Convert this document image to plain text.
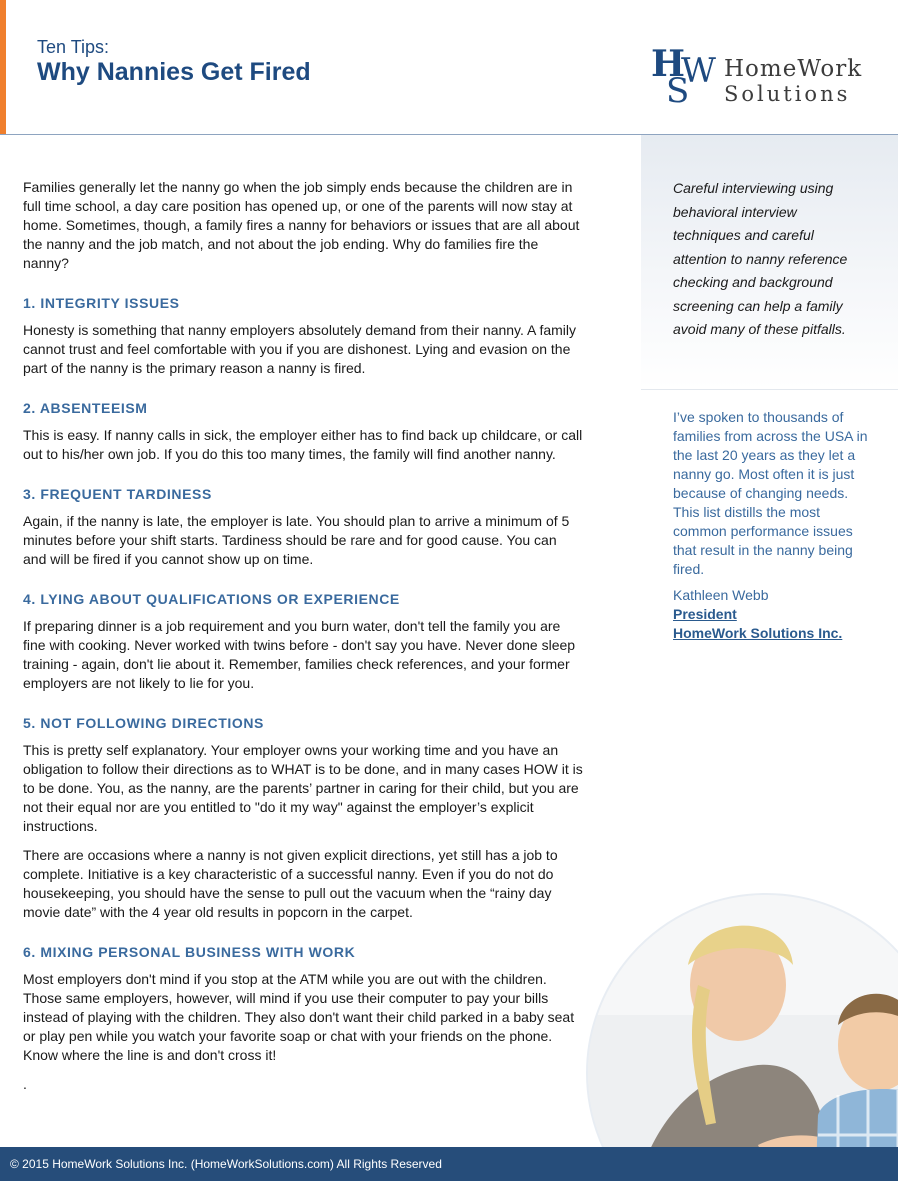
Ten Tips:
Why Nannies Get Fired	H
W
S
HomeWork
Solutions

Families generally let the nanny go when the job simply ends because the children are in full time school, a day care position has opened up, or one of the parents will now stay at home. Sometimes, though, a family fires a nanny for behaviors or issues that are all about the nanny and the job match, and not about the job ending. Why do families fire the nanny?

1. INTEGRITY ISSUES

Honesty is something that nanny employers absolutely demand from their nanny. A family cannot trust and feel comfortable with you if you are dishonest. Lying and evasion on the part of the nanny is the primary reason a nanny is fired.

2. ABSENTEEISM

This is easy. If nanny calls in sick, the employer either has to find back up childcare, or call out to his/her own job. If you do this too many times, the family will find another nanny.

3. FREQUENT TARDINESS

Again, if the nanny is late, the employer is late. You should plan to arrive a minimum of 5 minutes before your shift starts. Tardiness should be rare and for good cause. You can and will be fired if you cannot show up on time.

4. LYING ABOUT QUALIFICATIONS OR EXPERIENCE

If preparing dinner is a job requirement and you burn water, don't tell the family you are fine with cooking. Never worked with twins before - don't say you have. Never done sleep training - again, don't lie about it. Remember, families check references, and your former employers are not likely to lie for you.

5. NOT FOLLOWING DIRECTIONS

This is pretty self explanatory. Your employer owns your working time and you have an obligation to follow their directions as to WHAT is to be done, and in many cases HOW it is to be done. You, as the nanny, are the parents’ partner in caring for their child, but you are not their equal nor are you entitled to "do it my way" against the employer’s explicit instructions.

There are occasions where a nanny is not given explicit directions, yet still has a job to complete. Initiative is a key characteristic of a successful nanny. Even if you do not do housekeeping, you should have the sense to pull out the vacuum when the “rainy day movie date” with the 4 year old results in popcorn in the carpet.

6. MIXING PERSONAL BUSINESS WITH WORK

Most employers don't mind if you stop at the ATM while you are out with the children. Those same employers, however, will mind if you use their computer to pay your bills instead of playing with the children. They also don't want their child parked in a baby seat or play pen while you watch your favorite soap or chat with your friends on the phone. Know where the line is and don't cross it!

.

Careful interviewing using behavioral interview techniques and careful attention to nanny reference checking and background screening can help a family avoid many of these pitfalls.

I’ve spoken to thousands of families from across the USA in the last 20 years as they let a nanny go. Most often it is just because of changing needs. This list distills the most common performance issues that result in the nanny being fired.

Kathleen Webb
President
HomeWork Solutions Inc.
© 2015 HomeWork Solutions Inc. (HomeWorkSolutions.com) All Rights Reserved
